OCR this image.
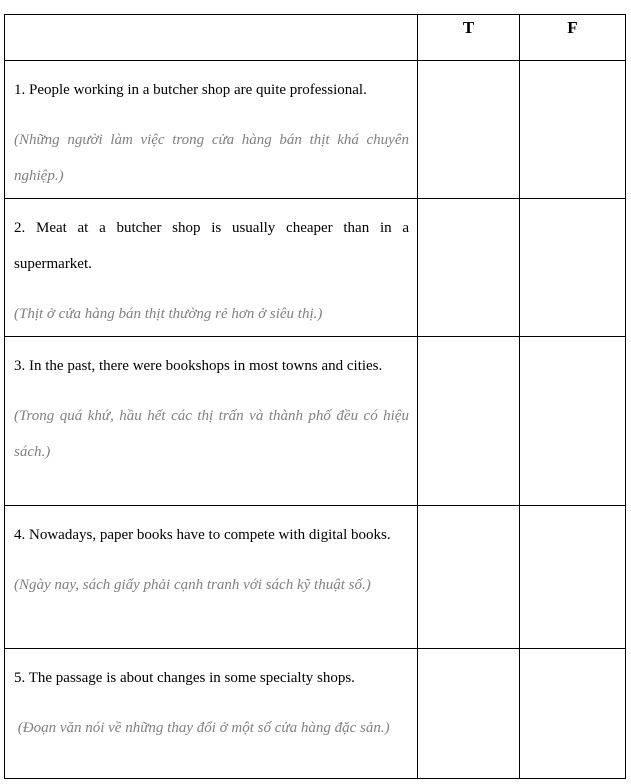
	T	F

1. People working in a butcher shop are quite professional.

(Những người làm việc trong cửa hàng bán thịt khá chuyên nghiệp.)		

2. Meat at a butcher shop is usually cheaper than in a supermarket.

(Thịt ở cửa hàng bán thịt thường rẻ hơn ở siêu thị.)		

3. In the past, there were bookshops in most towns and cities.

(Trong quá khứ, hầu hết các thị trấn và thành phố đều có hiệu sách.)		

4. Nowadays, paper books have to compete with digital books.

(Ngày nay, sách giấy phải cạnh tranh với sách kỹ thuật số.)		

5. The passage is about changes in some specialty shops.

(Đoạn văn nói về những thay đổi ở một số cửa hàng đặc sản.)		
